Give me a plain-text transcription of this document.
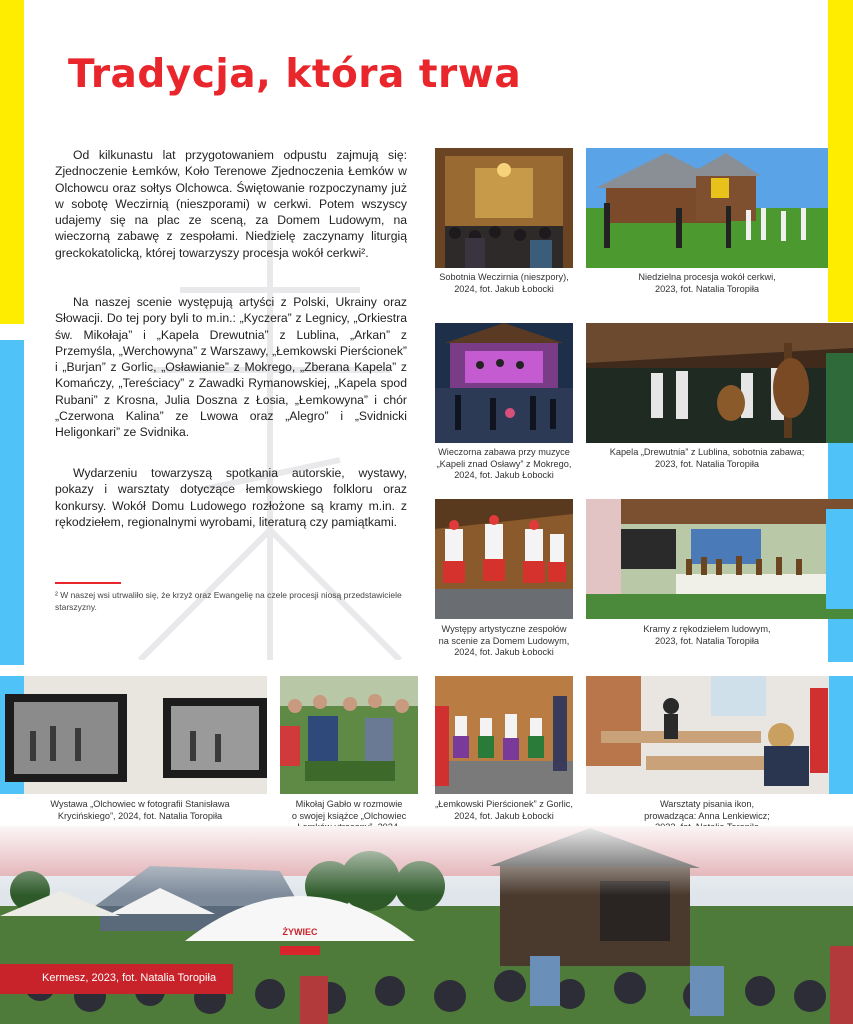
Tradycja, która trwa

Od kilkunastu lat przygotowaniem odpustu zajmują się: Zjednoczenie Łemków, Koło Terenowe Zjednoczenia Łemków w Olchowcu oraz sołtys Olchowca. Świętowanie rozpoczynamy już w sobotę Weczirnią (nieszporami) w cerkwi. Potem wszyscy udajemy się na plac ze sceną, za Domem Ludowym, na wieczorną zabawę z zespołami. Niedzielę zaczynamy liturgią greckokatolicką, której towarzyszy procesja wokół cerkwi².

Na naszej scenie występują artyści z Polski, Ukrainy oraz Słowacji. Do tej pory byli to m.in.: „Kyczera” z Legnicy, „Orkiestra św. Mikołaja” i „Kapela Drewutnia” z Lublina, „Arkan” z Przemyśla, „Werchowyna” z Warszawy, „Łemkowski Pierścionek” i „Burjan” z Gorlic, „Osławianie” z Mokrego, „Zberana Kapela” z Komańczy, „Tereściacy” z Zawadki Rymanowskiej, „Kapela spod Rubani” z Krosna, Julia Doszna z Łosia, „Łemkowyna” i chór „Czerwona Kalina” ze Lwowa oraz „Alegro” i „Svidnicki Heligonkari” ze Svidnika.

Wydarzeniu towarzyszą spotkania autorskie, wystawy, pokazy i warsztaty dotyczące łemkowskiego folkloru oraz konkursy. Wokół Domu Ludowego rozłożone są kramy m.in. z rękodziełem, regionalnymi wyrobami, literaturą czy pamiątkami.

² W naszej wsi utrwaliło się, że krzyż oraz Ewangelię na czele procesji niosą przedstawiciele starszyzny.

Sobotnia Weczirnia (nieszpory),
2024, fot. Jakub Łobocki
Niedzielna procesja wokół cerkwi,
2023, fot. Natalia Toropiła
Wieczorna zabawa przy muzyce
„Kapeli znad Osławy” z Mokrego,
2024, fot. Jakub Łobocki
Kapela „Drewutnia” z Lublina, sobotnia zabawa;
2023, fot. Natalia Toropiła
Występy artystyczne zespołów
na scenie za Domem Ludowym,
2024, fot. Jakub Łobocki
Kramy z rękodziełem ludowym,
2023, fot. Natalia Toropiła
Wystawa „Olchowiec w fotografii Stanisława
Krycińskiego”, 2024, fot. Natalia Toropiła
Mikołaj Gabło w rozmowie
o swojej książce „Olchowiec
„Łemkowski Pierścionek” z Gorlic,
2024, fot. Jakub Łobocki
Warsztaty pisania ikon,
prowadząca: Anna Lenkiewicz;
ŻYWIEC
Kermesz, 2023, fot. Natalia Toropiła
